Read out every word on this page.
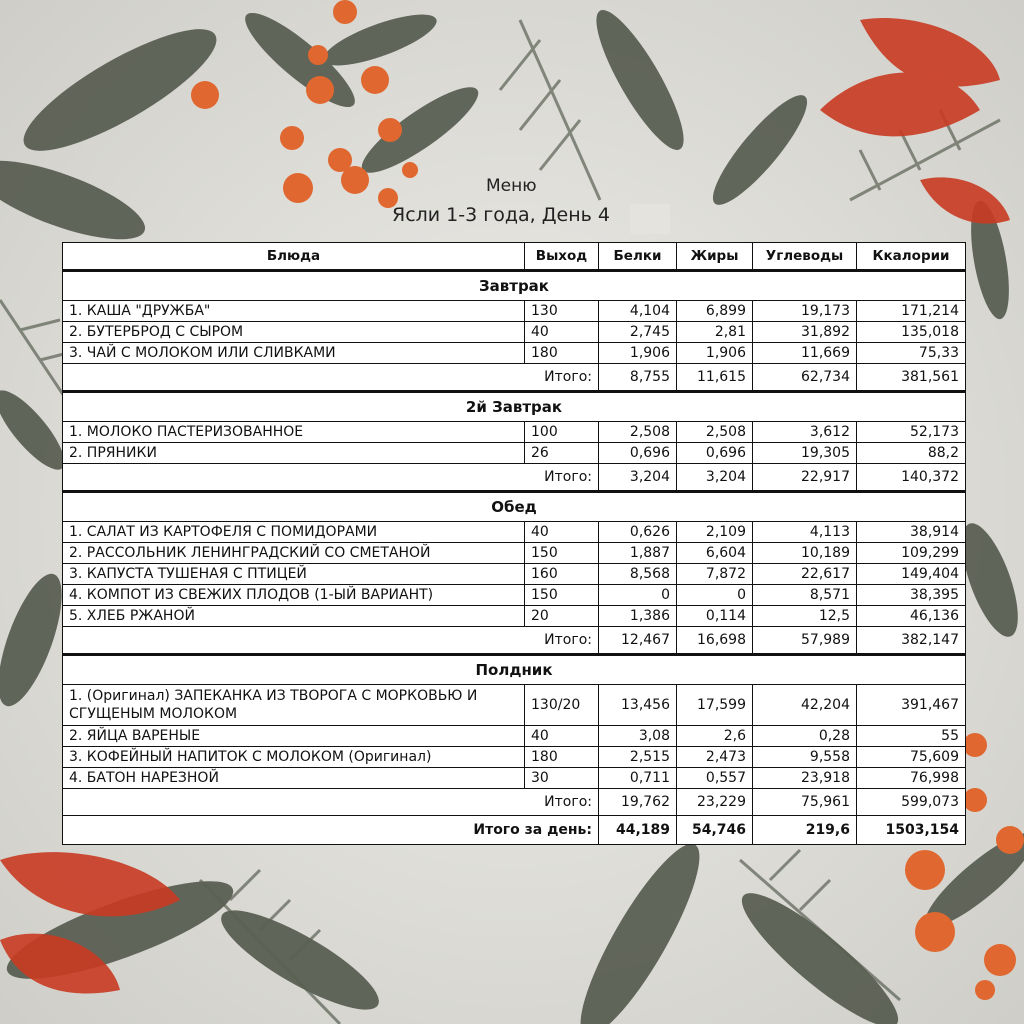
Меню
Ясли 1-3 года, День 4
Блюда	Выход	Белки	Жиры	Углеводы	Ккалории
Завтрак					
1. КАША "ДРУЖБА"	130	4,104	6,899	19,173	171,214
2. БУТЕРБРОД С СЫРОМ	40	2,745	2,81	31,892	135,018
3. ЧАЙ С МОЛОКОМ ИЛИ СЛИВКАМИ	180	1,906	1,906	11,669	75,33
Итого:		8,755	11,615	62,734	381,561
2й Завтрак					
1. МОЛОКО ПАСТЕРИЗОВАННОЕ	100	2,508	2,508	3,612	52,173
2. ПРЯНИКИ	26	0,696	0,696	19,305	88,2
Итого:		3,204	3,204	22,917	140,372
Обед					
1. САЛАТ ИЗ КАРТОФЕЛЯ С ПОМИДОРАМИ	40	0,626	2,109	4,113	38,914
2. РАССОЛЬНИК ЛЕНИНГРАДСКИЙ СО СМЕТАНОЙ	150	1,887	6,604	10,189	109,299
3. КАПУСТА ТУШЕНАЯ С ПТИЦЕЙ	160	8,568	7,872	22,617	149,404
4. КОМПОТ ИЗ СВЕЖИХ ПЛОДОВ (1-ЫЙ ВАРИАНТ)	150	0	0	8,571	38,395
5. ХЛЕБ РЖАНОЙ	20	1,386	0,114	12,5	46,136
Итого:		12,467	16,698	57,989	382,147
Полдник					
1. (Оригинал) ЗАПЕКАНКА ИЗ ТВОРОГА С МОРКОВЬЮ И СГУЩЕНЫМ МОЛОКОМ	130/20	13,456	17,599	42,204	391,467
2. ЯЙЦА ВАРЕНЫЕ	40	3,08	2,6	0,28	55
3. КОФЕЙНЫЙ НАПИТОК С МОЛОКОМ (Оригинал)	180	2,515	2,473	9,558	75,609
4. БАТОН НАРЕЗНОЙ	30	0,711	0,557	23,918	76,998
Итого:		19,762	23,229	75,961	599,073
Итого за день:		44,189	54,746	219,6	1503,154
